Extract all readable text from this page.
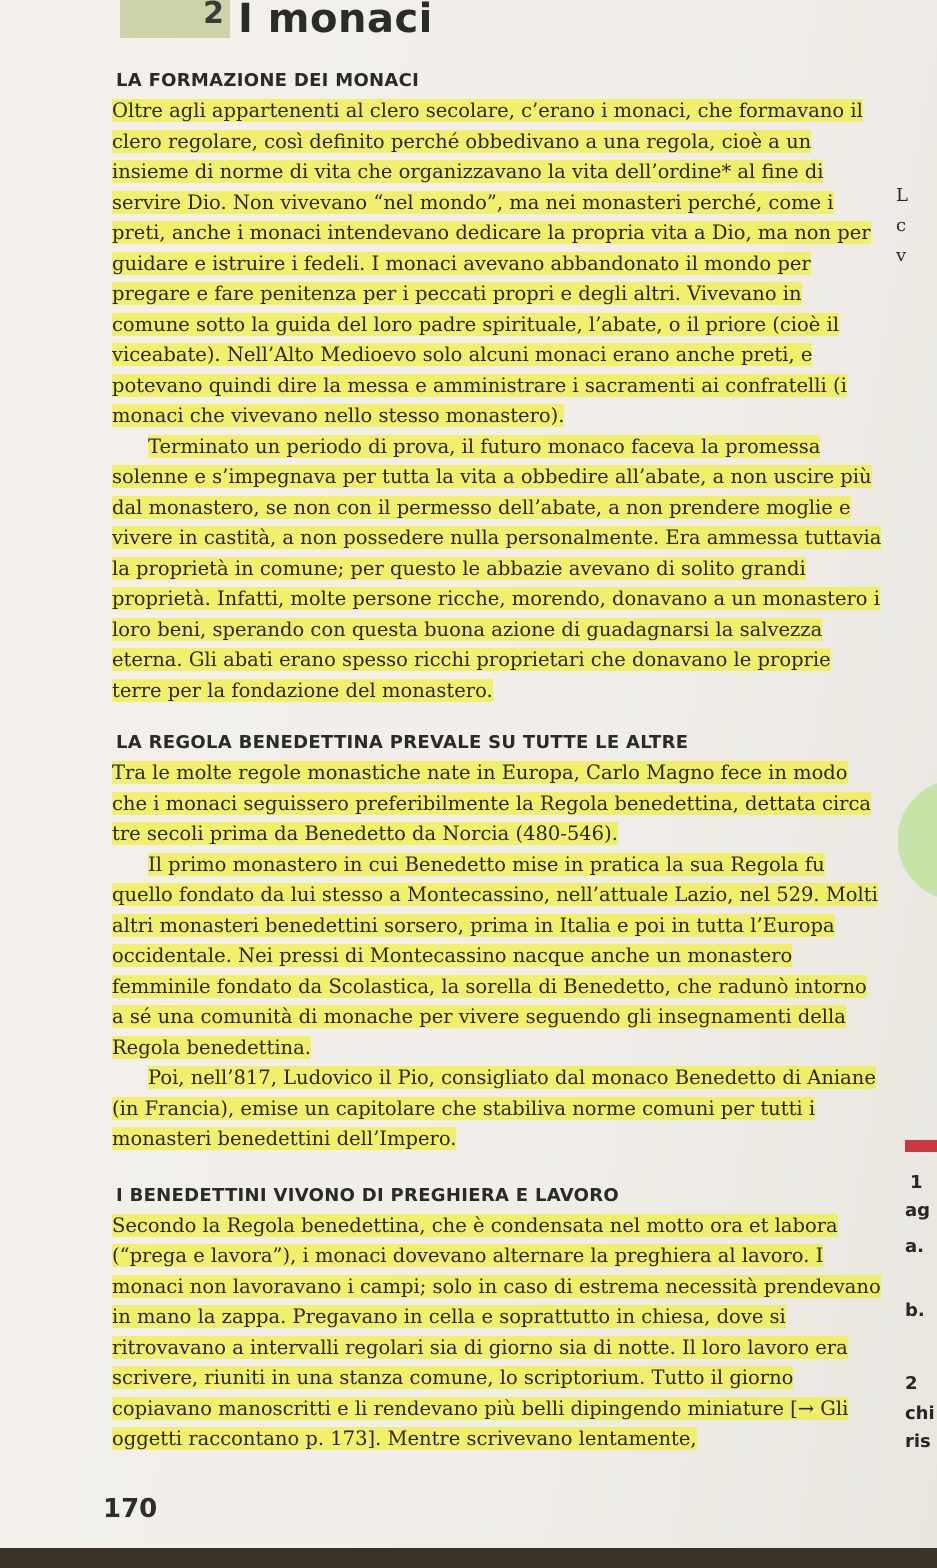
2 I monaci
LA FORMAZIONE DEI MONACI

Oltre agli appartenenti al clero secolare, c’erano i monaci, che formavano il clero regolare, così definito perché obbedivano a una regola, cioè a un insieme di norme di vita che organizzavano la vita dell’ordine* al fine di servire Dio. Non vivevano “nel mondo”, ma nei monasteri perché, come i preti, anche i monaci intendevano dedicare la propria vita a Dio, ma non per guidare e istruire i fedeli. I monaci avevano abbandonato il mondo per pregare e fare penitenza per i peccati propri e degli altri. Vivevano in comune sotto la guida del loro padre spirituale, l’abate, o il priore (cioè il viceabate). Nell’Alto Medioevo solo alcuni monaci erano anche preti, e potevano quindi dire la messa e amministrare i sacramenti ai confratelli (i monaci che vivevano nello stesso monastero).

Terminato un periodo di prova, il futuro monaco faceva la promessa solenne e s’impegnava per tutta la vita a obbedire all’abate, a non uscire più dal monastero, se non con il permesso dell’abate, a non prendere moglie e vivere in castità, a non possedere nulla personalmente. Era ammessa tuttavia la proprietà in comune; per questo le abbazie avevano di solito grandi proprietà. Infatti, molte persone ricche, morendo, donavano a un monastero i loro beni, sperando con questa buona azione di guadagnarsi la salvezza eterna. Gli abati erano spesso ricchi proprietari che donavano le proprie terre per la fondazione del monastero.

LA REGOLA BENEDETTINA PREVALE SU TUTTE LE ALTRE

Tra le molte regole monastiche nate in Europa, Carlo Magno fece in modo che i monaci seguissero preferibilmente la Regola benedettina, dettata circa tre secoli prima da Benedetto da Norcia (480-546).

Il primo monastero in cui Benedetto mise in pratica la sua Regola fu quello fondato da lui stesso a Montecassino, nell’attuale Lazio, nel 529. Molti altri monasteri benedettini sorsero, prima in Italia e poi in tutta l’Europa occidentale. Nei pressi di Montecassino nacque anche un monastero femminile fondato da Scolastica, la sorella di Benedetto, che radunò intorno a sé una comunità di monache per vivere seguendo gli insegnamenti della Regola benedettina.

Poi, nell’817, Ludovico il Pio, consigliato dal monaco Benedetto di Aniane (in Francia), emise un capitolare che stabiliva norme comuni per tutti i monasteri benedettini dell’Impero.

I BENEDETTINI VIVONO DI PREGHIERA E LAVORO

Secondo la Regola benedettina, che è condensata nel motto ora et labora (“prega e lavora”), i monaci dovevano alternare la preghiera al lavoro. I monaci non lavoravano i campi; solo in caso di estrema necessità prendevano in mano la zappa. Pregavano in cella e soprattutto in chiesa, dove si ritrovavano a intervalli regolari sia di giorno sia di notte. Il loro lavoro era scrivere, riuniti in una stanza comune, lo scriptorium. Tutto il giorno copiavano manoscritti e li rendevano più belli dipingendo miniature [→ Gli oggetti raccontano p. 173]. Mentre scrivevano lentamente,

L
c
v
1
ag
a.
b.
2
chi
ris
170
